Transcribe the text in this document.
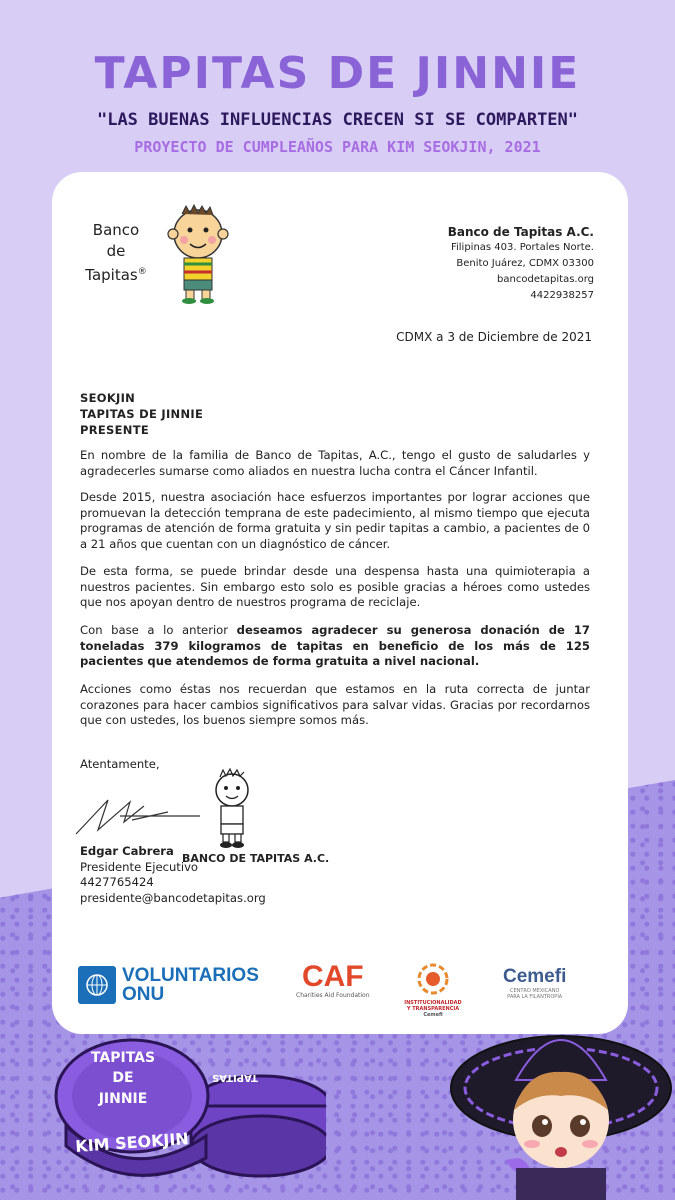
TAPITAS DE JINNIE
"LAS BUENAS INFLUENCIAS CRECEN SI SE COMPARTEN"
PROYECTO DE CUMPLEAÑOS PARA KIM SEOKJIN, 2021
Banco
de
Tapitas®
Banco de Tapitas A.C.
Filipinas 403. Portales Norte.
Benito Juárez, CDMX 03300
bancodetapitas.org
4422938257
CDMX a 3 de Diciembre de 2021
SEOKJIN
TAPITAS DE JINNIE
PRESENTE
En nombre de la familia de Banco de Tapitas, A.C., tengo el gusto de saludarles y agradecerles sumarse como aliados en nuestra lucha contra el Cáncer Infantil.
Desde 2015, nuestra asociación hace esfuerzos importantes por lograr acciones que promuevan la detección temprana de este padecimiento, al mismo tiempo que ejecuta programas de atención de forma gratuita y sin pedir tapitas a cambio, a pacientes de 0 a 21 años que cuentan con un diagnóstico de cáncer.
De esta forma, se puede brindar desde una despensa hasta una quimioterapia a nuestros pacientes. Sin embargo esto solo es posible gracias a héroes como ustedes que nos apoyan dentro de nuestros programa de reciclaje.
Con base a lo anterior deseamos agradecer su generosa donación de 17 toneladas 379 kilogramos de tapitas en beneficio de los más de 125 pacientes que atendemos de forma gratuita a nivel nacional.
Acciones como éstas nos recuerdan que estamos en la ruta correcta de juntar corazones para hacer cambios significativos para salvar vidas. Gracias por recordarnos que con ustedes, los buenos siempre somos más.
Atentamente,
Edgar Cabrera
Presidente Ejecutivo
4427765424
presidente@bancodetapitas.org
BANCO DE TAPITAS A.C.
VOLUNTARIOS
ONU
CAF
Charities Aid Foundation
INSTITUCIONALIDAD
Y TRANSPARENCIA
Cemefi
Cemefi
CENTRO MEXICANO
PARA LA FILANTROPÍA
TAPITAS
DE
JINNIE
KIM SEOKJIN
TAPITAS
